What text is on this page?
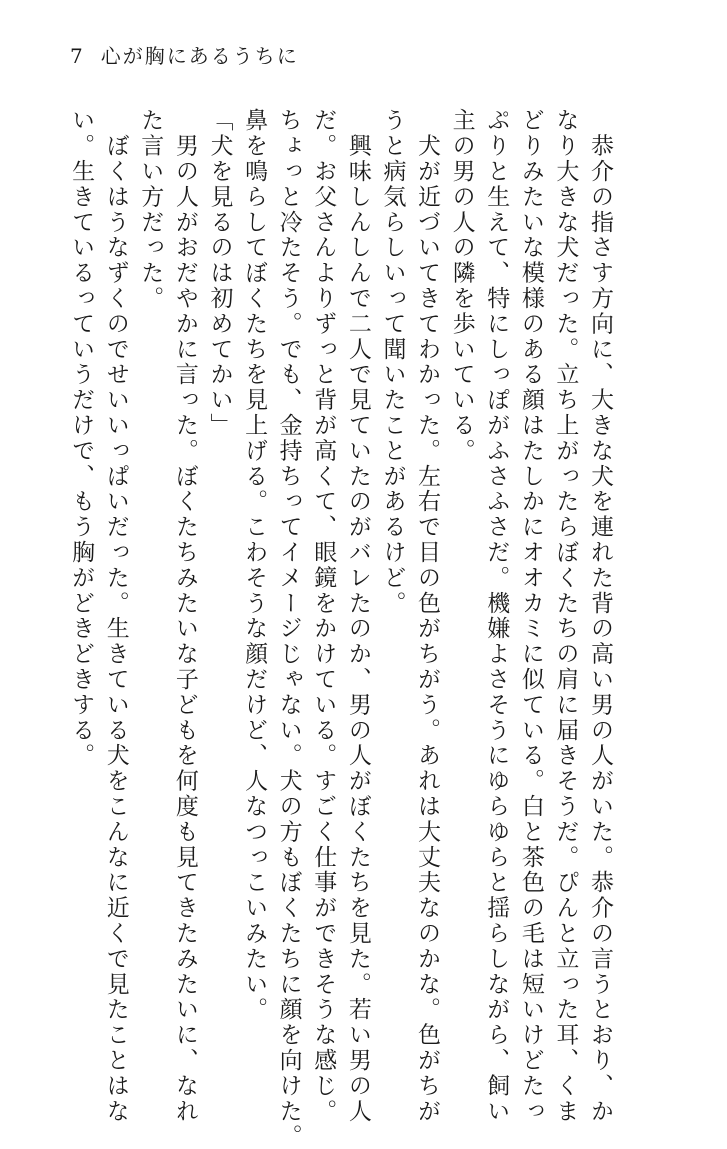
7 心が胸にあるうちに

　恭介の指さす方向に、大きな犬を連れた背の高い男の人がいた。恭介の言うとおり、か

なり大きな犬だった。立ち上がったらぼくたちの肩に届きそうだ。ぴんと立った耳、くま

どりみたいな模様のある顔はたしかにオオカミに似ている。白と茶色の毛は短いけどたっ

ぷりと生えて、特にしっぽがふさふさだ。機嫌よさそうにゆらゆらと揺らしながら、飼い

主の男の人の隣を歩いている。

　犬が近づいてきてわかった。左右で目の色がちがう。あれは大丈夫なのかな。色がちが

うと病気らしいって聞いたことがあるけど。

　興味しんしんで二人で見ていたのがバレたのか、男の人がぼくたちを見た。若い男の人

だ。お父さんよりずっと背が高くて、眼鏡をかけている。すごく仕事ができそうな感じ。

ちょっと冷たそう。でも、金持ちってイメージじゃない。犬の方もぼくたちに顔を向けた。

鼻を鳴らしてぼくたちを見上げる。こわそうな顔だけど、人なつっこいみたい。

「犬を見るのは初めてかい」

　男の人がおだやかに言った。ぼくたちみたいな子どもを何度も見てきたみたいに、なれ

た言い方だった。

　ぼくはうなずくのでせいいっぱいだった。生きている犬をこんなに近くで見たことはな

い。生きているっていうだけで、もう胸がどきどきする。
